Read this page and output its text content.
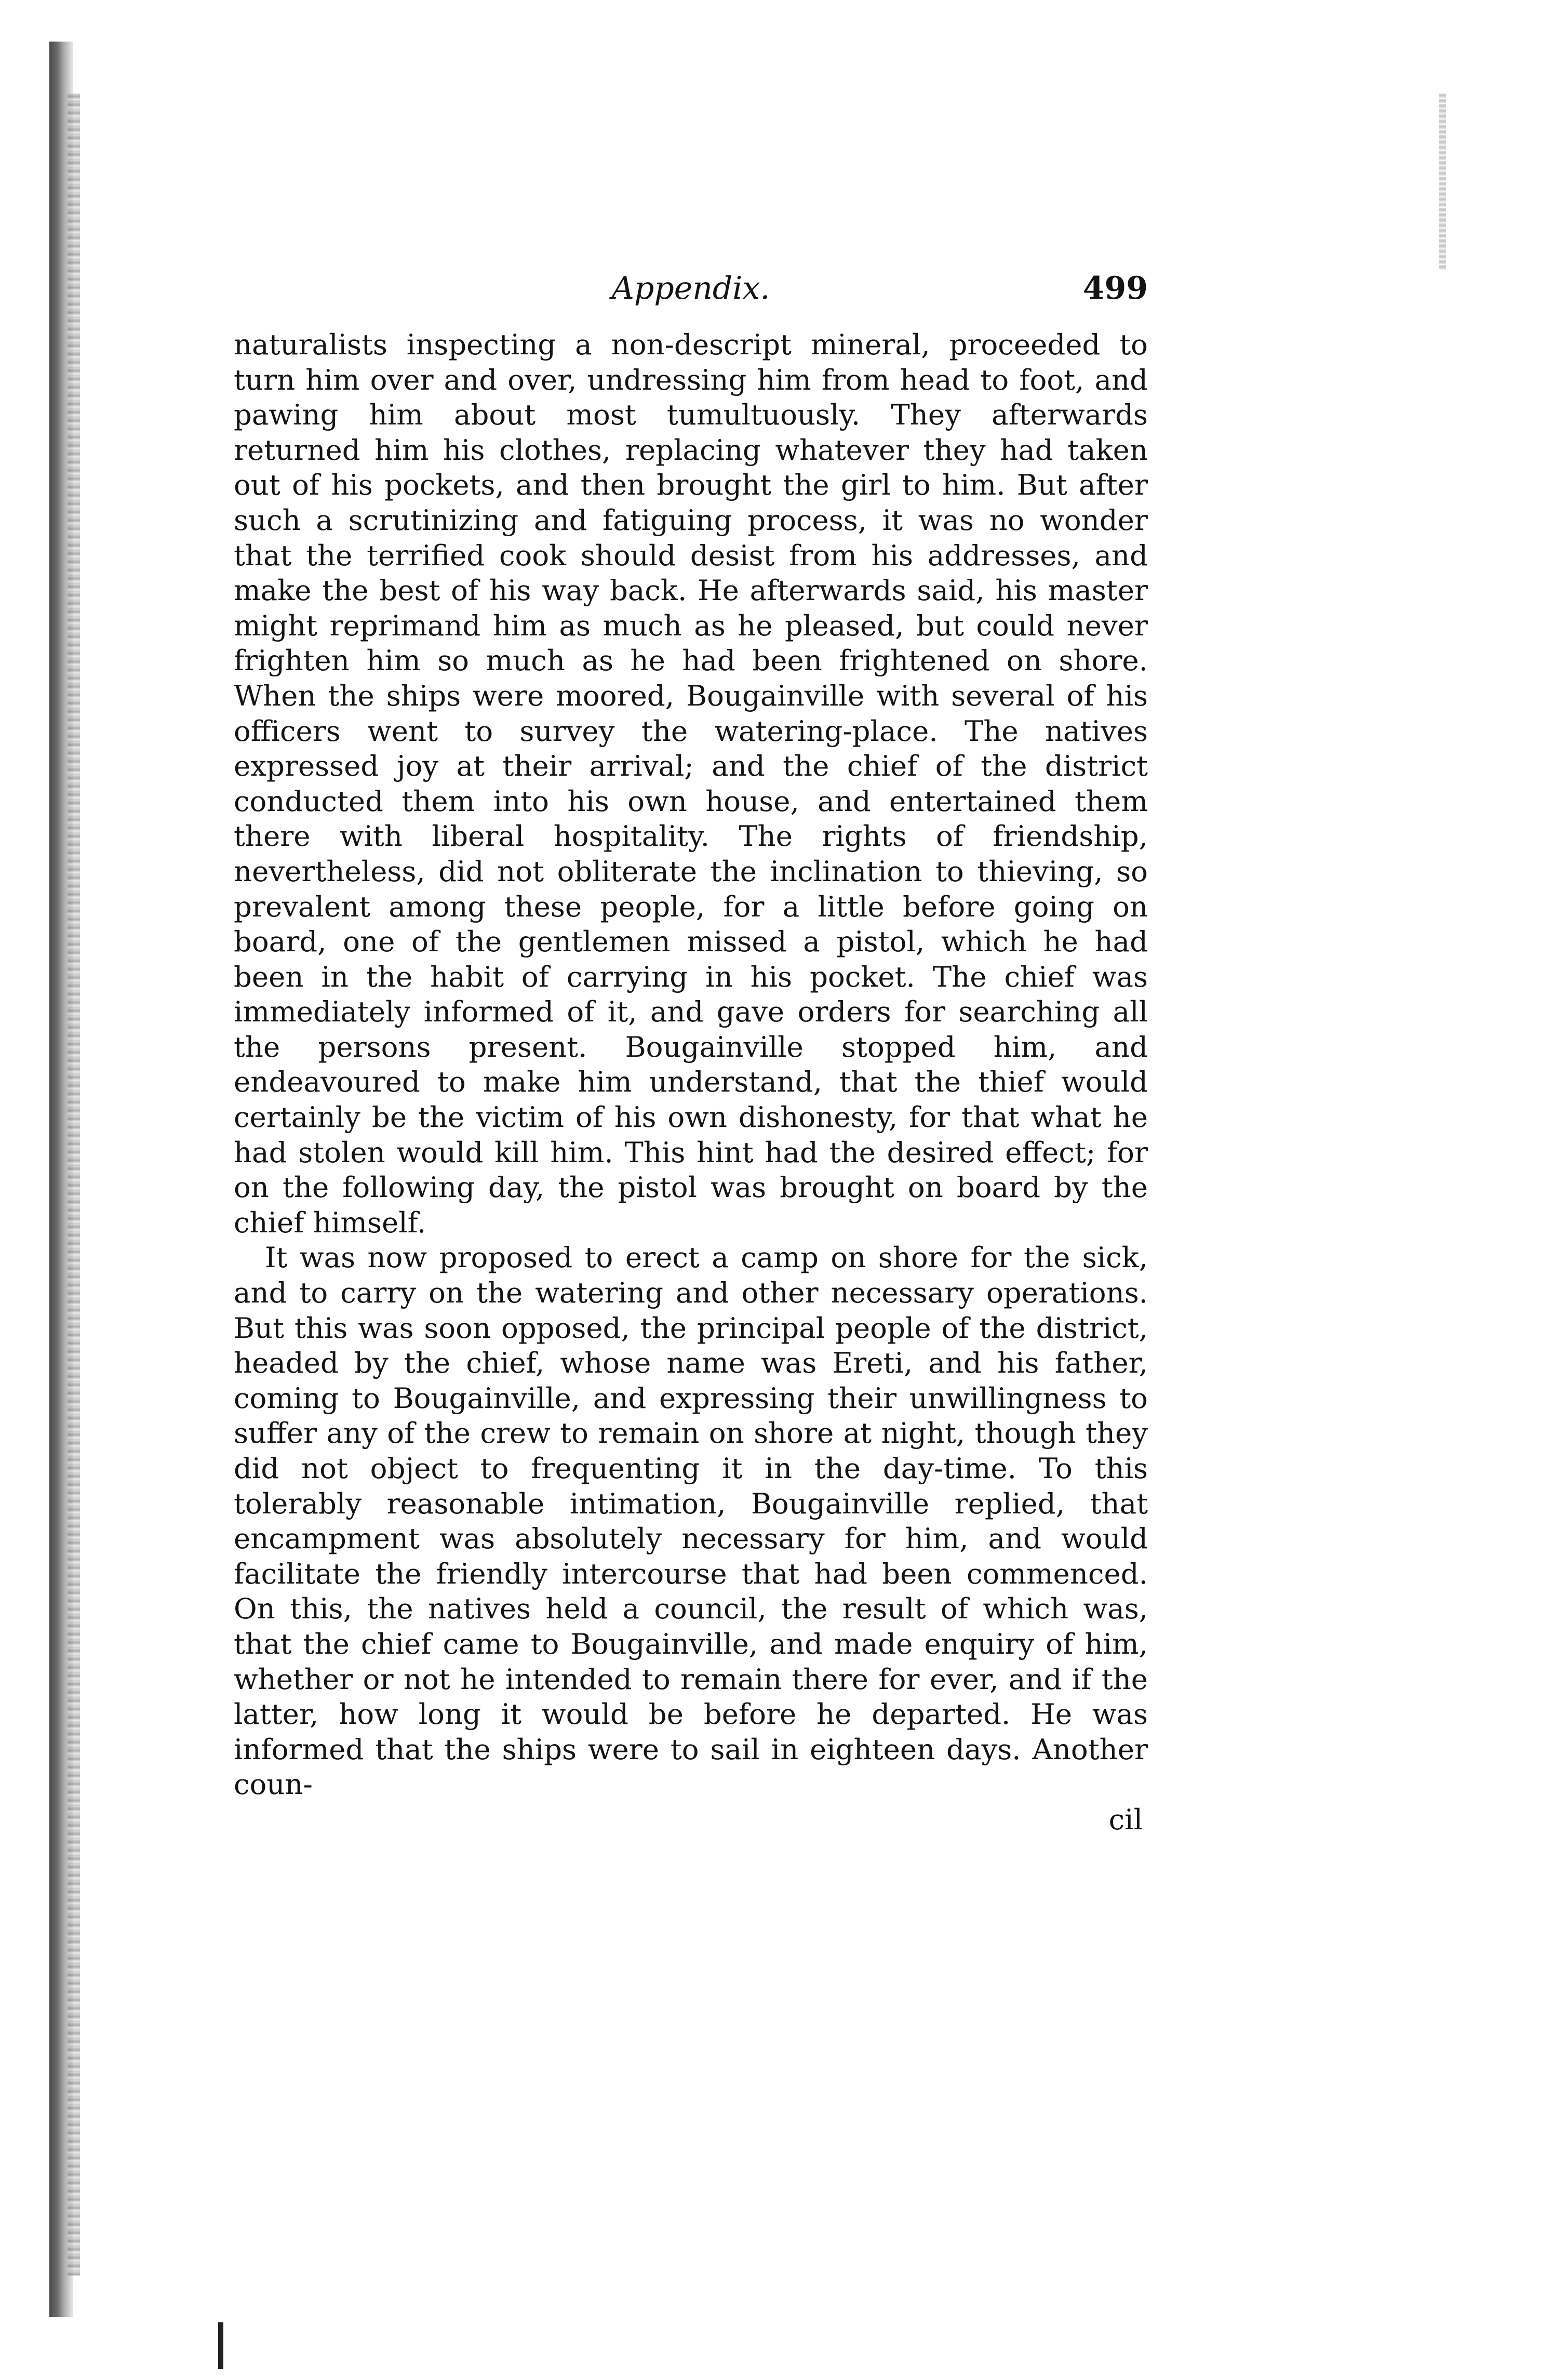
Appendix.	499

naturalists inspecting a non-descript mineral, proceeded to turn him over and over, undressing him from head to foot, and pawing him about most tumultuously. They afterwards returned him his clothes, replacing whatever they had taken out of his pockets, and then brought the girl to him. But after such a scrutinizing and fatiguing process, it was no wonder that the terrified cook should desist from his addresses, and make the best of his way back. He afterwards said, his master might reprimand him as much as he pleased, but could never frighten him so much as he had been frightened on shore. When the ships were moored, Bougainville with several of his officers went to survey the watering-place. The natives expressed joy at their arrival; and the chief of the district conducted them into his own house, and entertained them there with liberal hospitality. The rights of friendship, nevertheless, did not obliterate the inclination to thieving, so prevalent among these people, for a little before going on board, one of the gentlemen missed a pistol, which he had been in the habit of carrying in his pocket. The chief was immediately informed of it, and gave orders for searching all the persons present. Bougainville stopped him, and endeavoured to make him understand, that the thief would certainly be the victim of his own dishonesty, for that what he had stolen would kill him. This hint had the desired effect; for on the following day, the pistol was brought on board by the chief himself.

It was now proposed to erect a camp on shore for the sick, and to carry on the watering and other necessary operations. But this was soon opposed, the principal people of the district, headed by the chief, whose name was Ereti, and his father, coming to Bougainville, and expressing their unwillingness to suffer any of the crew to remain on shore at night, though they did not object to frequenting it in the day-time. To this tolerably reasonable intimation, Bougainville replied, that encampment was absolutely necessary for him, and would facilitate the friendly intercourse that had been commenced. On this, the natives held a council, the result of which was, that the chief came to Bougainville, and made enquiry of him, whether or not he intended to remain there for ever, and if the latter, how long it would be before he departed. He was informed that the ships were to sail in eighteen days. Another coun-

cil
